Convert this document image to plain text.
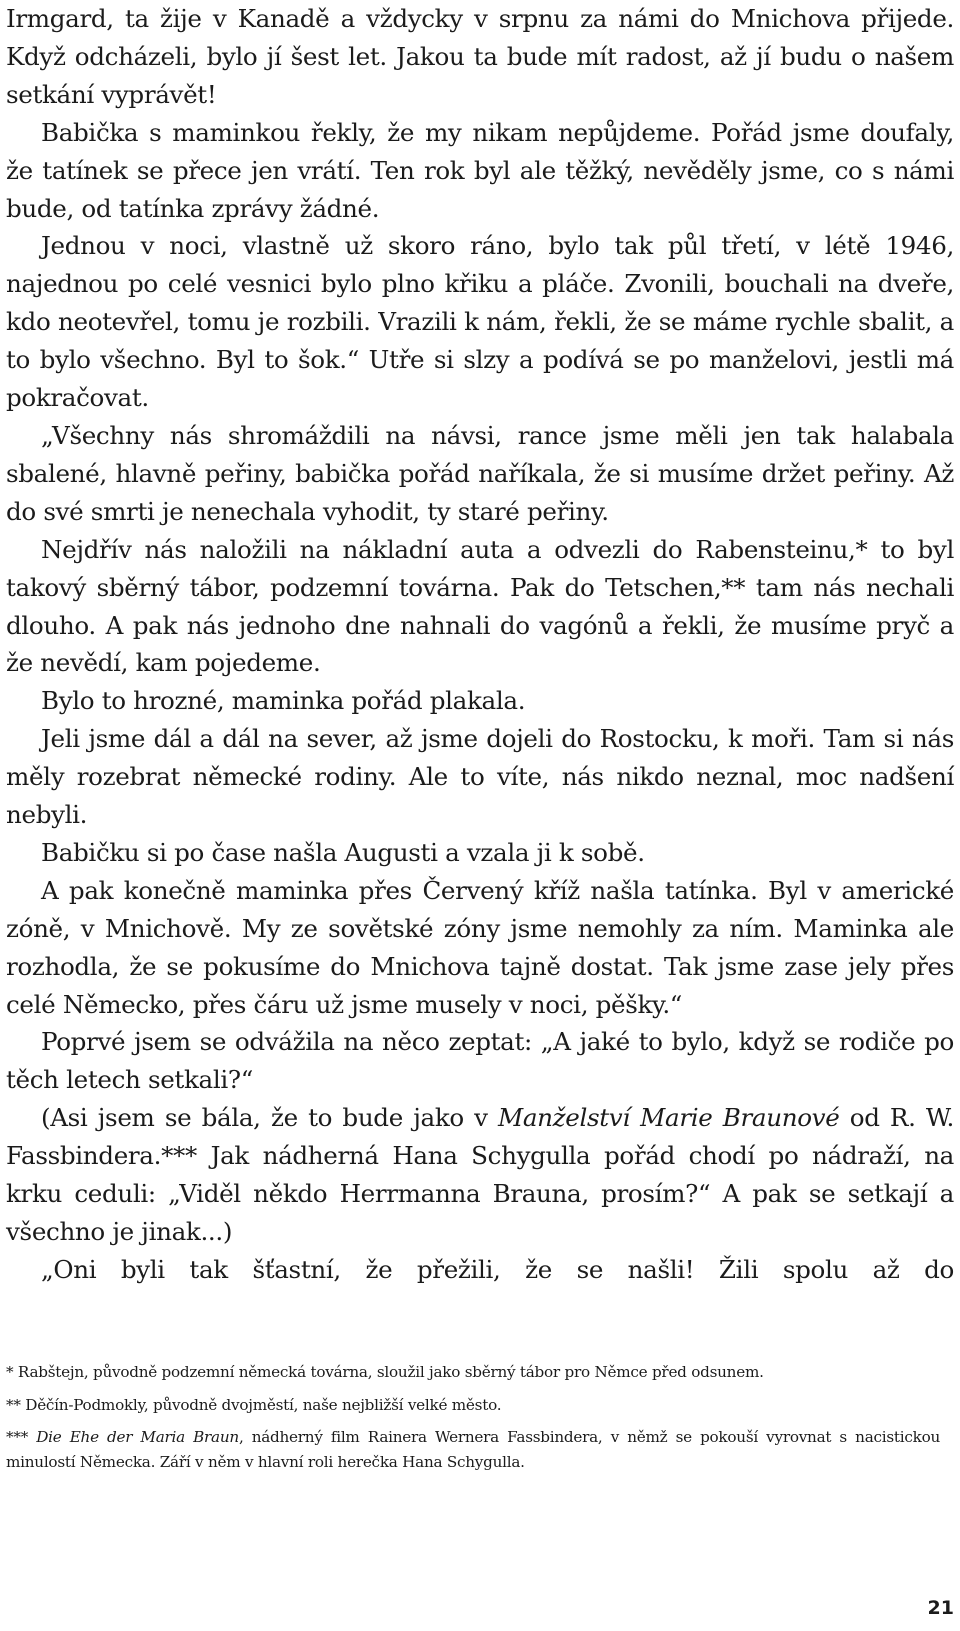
Irmgard, ta žije v Kanadě a vždycky v srpnu za námi do Mnichova přijede. Když odcházeli, bylo jí šest let. Jakou ta bude mít radost, až jí budu o našem setkání vyprávět!

Babička s maminkou řekly, že my nikam nepůjdeme. Pořád jsme doufaly, že tatínek se přece jen vrátí. Ten rok byl ale těžký, nevěděly jsme, co s námi bude, od tatínka zprávy žádné.

Jednou v noci, vlastně už skoro ráno, bylo tak půl třetí, v létě 1946, najednou po celé vesnici bylo plno křiku a pláče. Zvonili, bouchali na dveře, kdo neotevřel, tomu je rozbili. Vrazili k nám, řekli, že se máme rychle sbalit, a to bylo všechno. Byl to šok.“ Utře si slzy a podívá se po manželovi, jestli má pokračovat.

„Všechny nás shromáždili na návsi, rance jsme měli jen tak halabala sbalené, hlavně peřiny, babička pořád naříkala, že si musíme držet peřiny. Až do své smrti je nenechala vyhodit, ty staré peřiny.

Nejdřív nás naložili na nákladní auta a odvezli do Rabensteinu,* to byl takový sběrný tábor, podzemní továrna. Pak do Tetschen,** tam nás nechali dlouho. A pak nás jednoho dne nahnali do vagónů a řekli, že musíme pryč a že nevědí, kam pojedeme.

Bylo to hrozné, maminka pořád plakala.

Jeli jsme dál a dál na sever, až jsme dojeli do Rostocku, k moři. Tam si nás měly rozebrat německé rodiny. Ale to víte, nás nikdo neznal, moc nadšení nebyli.

Babičku si po čase našla Augusti a vzala ji k sobě.

A pak konečně maminka přes Červený kříž našla tatínka. Byl v americké zóně, v Mnichově. My ze sovětské zóny jsme nemohly za ním. Maminka ale rozhodla, že se pokusíme do Mnichova tajně dostat. Tak jsme zase jely přes celé Německo, přes čáru už jsme musely v noci, pěšky.“

Poprvé jsem se odvážila na něco zeptat: „A jaké to bylo, když se rodiče po těch letech setkali?“

(Asi jsem se bála, že to bude jako v Manželství Marie Braunové od R. W. Fassbindera.*** Jak nádherná Hana Schygulla pořád chodí po nádraží, na krku ceduli: „Viděl někdo Herrmanna Brauna, prosím?“ A pak se setkají a všechno je jinak...)

„Oni byli tak šťastní, že přežili, že se našli! Žili spolu až do

* Rabštejn, původně podzemní německá továrna, sloužil jako sběrný tábor pro Němce před odsunem.

** Děčín-Podmokly, původně dvojměstí, naše nejbližší velké město.

*** Die Ehe der Maria Braun, nádherný film Rainera Wernera Fassbindera, v němž se pokouší vyrovnat s nacistickou minulostí Německa. Září v něm v hlavní roli herečka Hana Schygulla.

21
